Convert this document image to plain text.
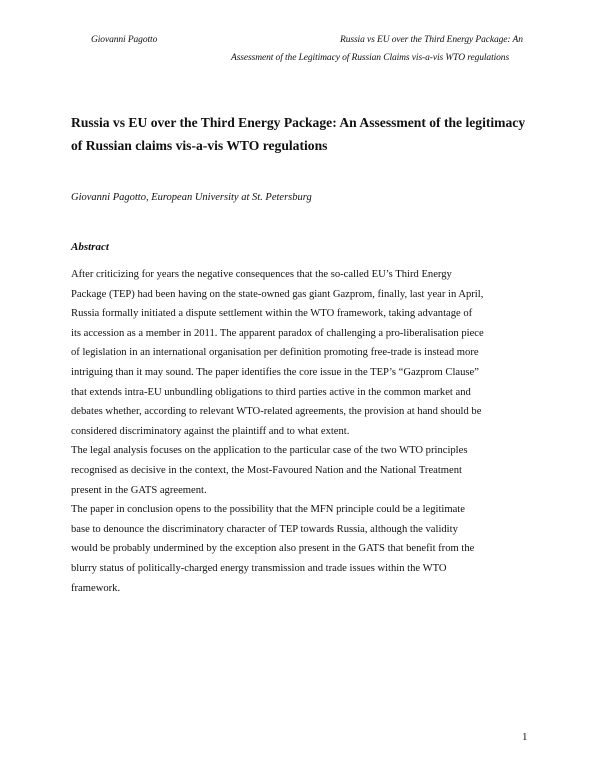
Giovanni Pagotto	Russia vs EU over the Third Energy Package: An
Assessment of the Legitimacy of Russian Claims vis-a-vis WTO regulations
Russia vs EU over the Third Energy Package: An Assessment of the legitimacy
of Russian claims vis-a-vis WTO regulations
Giovanni Pagotto, European University at St. Petersburg
Abstract
After criticizing for years the negative consequences that the so-called EU’s Third Energy
Package (TEP) had been having on the state-owned gas giant Gazprom, finally, last year in April,
Russia formally initiated a dispute settlement within the WTO framework, taking advantage of
its accession as a member in 2011. The apparent paradox of challenging a pro-liberalisation piece
of legislation in an international organisation per definition promoting free-trade is instead more
intriguing than it may sound. The paper identifies the core issue in the TEP’s “Gazprom Clause”
that extends intra-EU unbundling obligations to third parties active in the common market and
debates whether, according to relevant WTO-related agreements, the provision at hand should be
considered discriminatory against the plaintiff and to what extent.
The legal analysis focuses on the application to the particular case of the two WTO principles
recognised as decisive in the context, the Most-Favoured Nation and the National Treatment
present in the GATS agreement.
The paper in conclusion opens to the possibility that the MFN principle could be a legitimate
base to denounce the discriminatory character of TEP towards Russia, although the validity
would be probably undermined by the exception also present in the GATS that benefit from the
blurry status of politically-charged energy transmission and trade issues within the WTO
framework.
1
